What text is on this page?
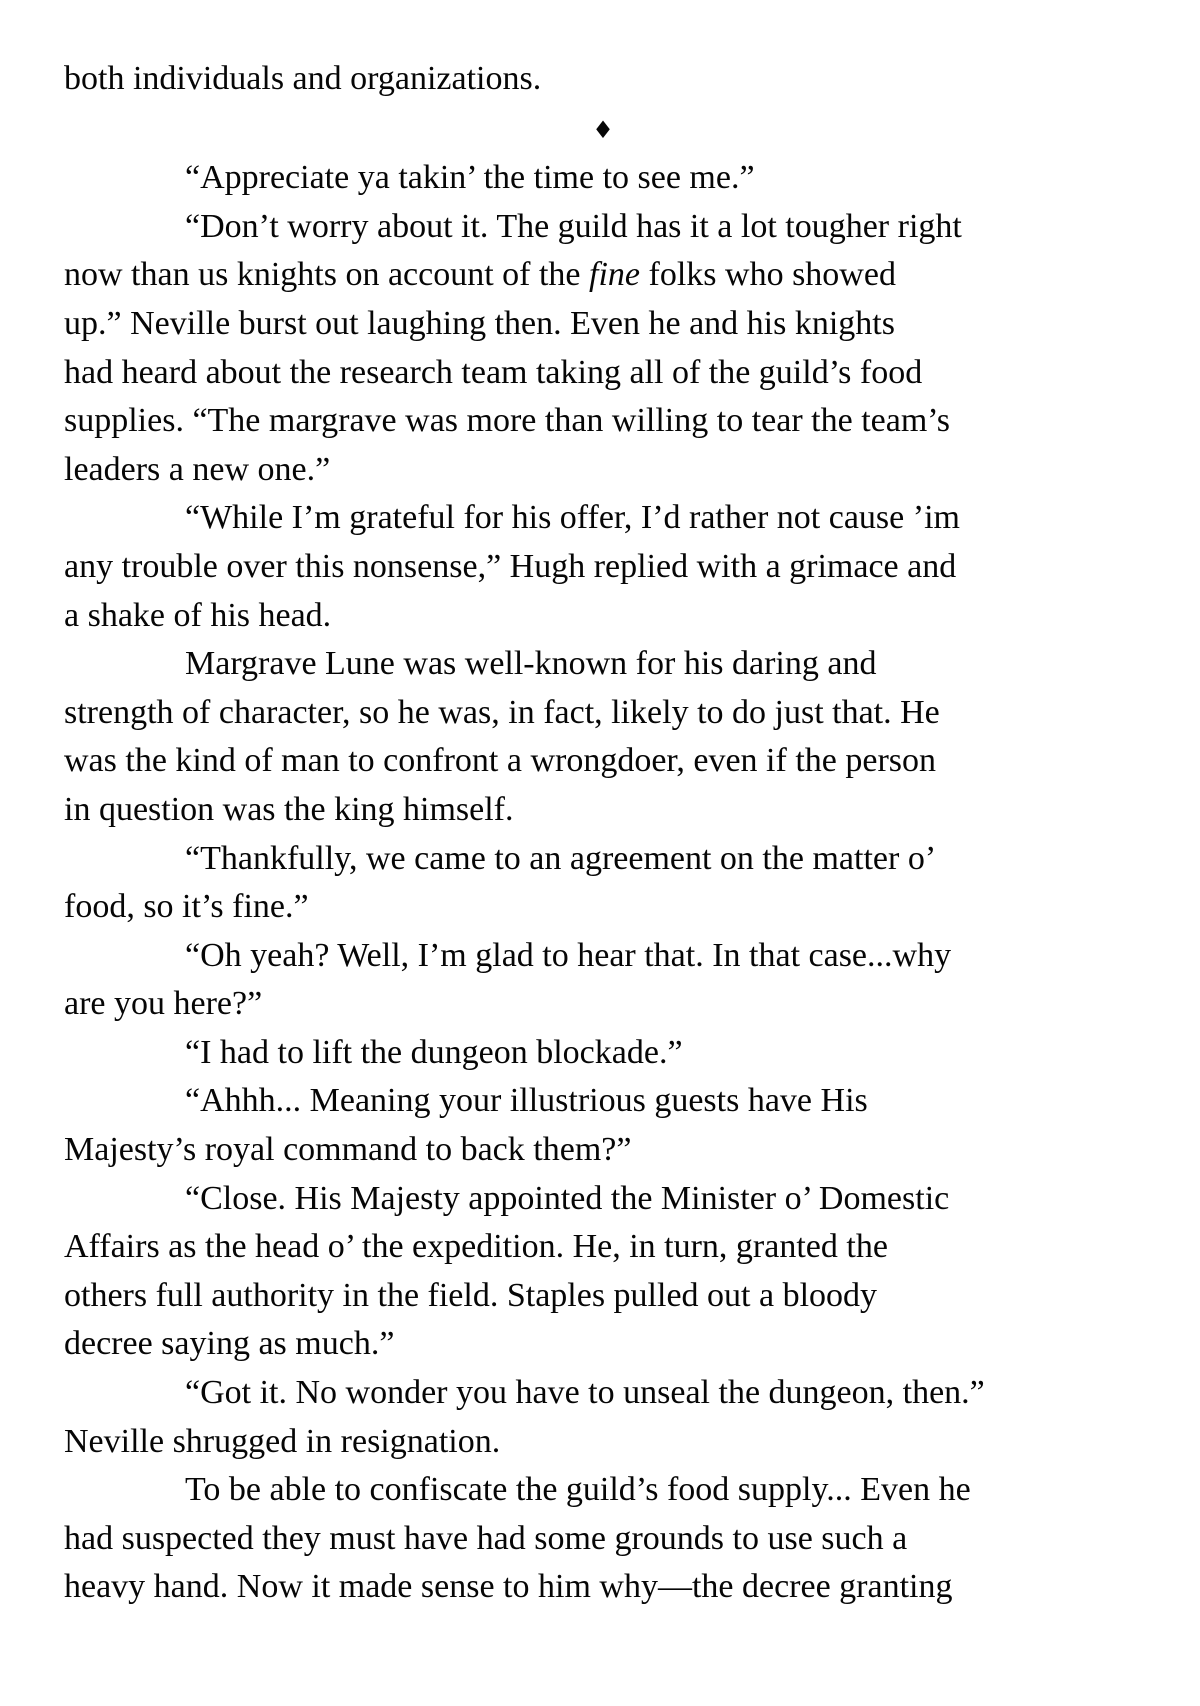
both individuals and organizations.
♦
“Appreciate ya takin’ the time to see me.”
“Don’t worry about it. The guild has it a lot tougher right
now than us knights on account of the fine folks who showed
up.” Neville burst out laughing then. Even he and his knights
had heard about the research team taking all of the guild’s food
supplies. “The margrave was more than willing to tear the team’s
leaders a new one.”
“While I’m grateful for his offer, I’d rather not cause ’im
any trouble over this nonsense,” Hugh replied with a grimace and
a shake of his head.
Margrave Lune was well-known for his daring and
strength of character, so he was, in fact, likely to do just that. He
was the kind of man to confront a wrongdoer, even if the person
in question was the king himself.
“Thankfully, we came to an agreement on the matter o’
food, so it’s fine.”
“Oh yeah? Well, I’m glad to hear that. In that case...why
are you here?”
“I had to lift the dungeon blockade.”
“Ahhh... Meaning your illustrious guests have His
Majesty’s royal command to back them?”
“Close. His Majesty appointed the Minister o’ Domestic
Affairs as the head o’ the expedition. He, in turn, granted the
others full authority in the field. Staples pulled out a bloody
decree saying as much.”
“Got it. No wonder you have to unseal the dungeon, then.”
Neville shrugged in resignation.
To be able to confiscate the guild’s food supply... Even he
had suspected they must have had some grounds to use such a
heavy hand. Now it made sense to him why—the decree granting
